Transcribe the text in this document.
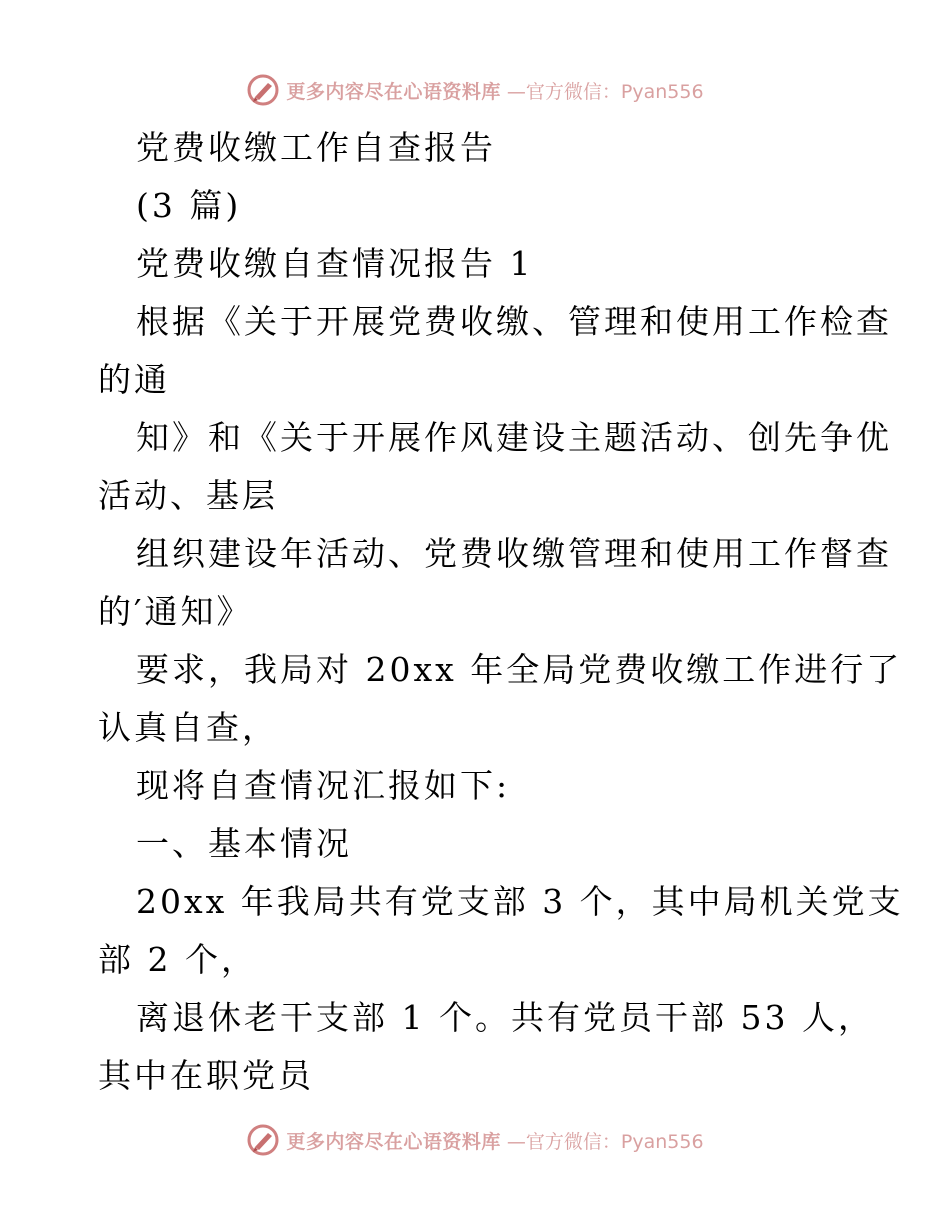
更多内容尽在心语资料库 —官方微信：Pyan556
党费收缴工作自查报告
(3 篇)
党费收缴自查情况报告 1
根据《关于开展党费收缴、管理和使用工作检查
的通
知》和《关于开展作风建设主题活动、创先争优
活动、基层
组织建设年活动、党费收缴管理和使用工作督查
的′通知》
要求，我局对 20xx 年全局党费收缴工作进行了
认真自查，
现将自查情况汇报如下:
一、基本情况
20xx 年我局共有党支部 3 个，其中局机关党支
部 2 个，
离退休老干支部 1 个。共有党员干部 53 人，
其中在职党员
更多内容尽在心语资料库 —官方微信：Pyan556
